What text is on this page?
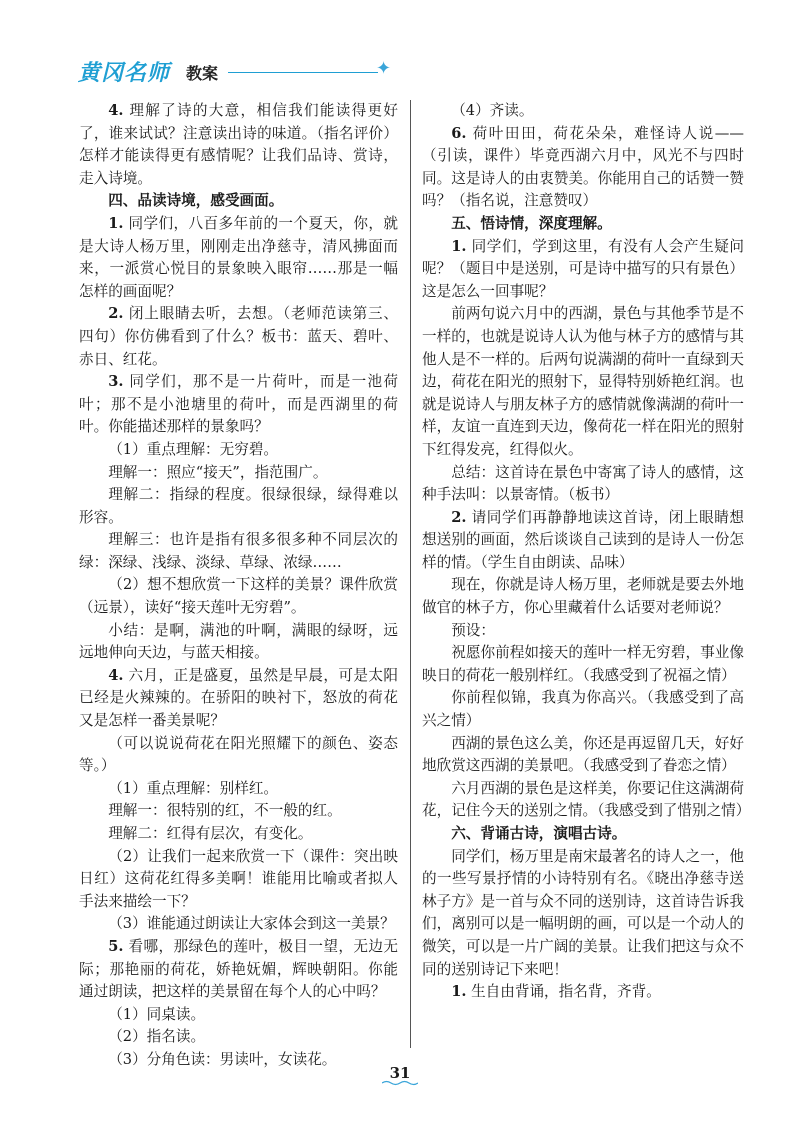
黄冈名师 教案	✦

4. 理解了诗的大意，相信我们能读得更好了，谁来试试？注意读出诗的味道。（指名评价）怎样才能读得更有感情呢？让我们品诗、赏诗，走入诗境。

四、品读诗境，感受画面。

1. 同学们，八百多年前的一个夏天，你，就是大诗人杨万里，刚刚走出净慈寺，清风拂面而来，一派赏心悦目的景象映入眼帘……那是一幅怎样的画面呢？

2. 闭上眼睛去听，去想。（老师范读第三、四句）你仿佛看到了什么？板书：蓝天、碧叶、赤日、红花。

3. 同学们，那不是一片荷叶，而是一池荷叶；那不是小池塘里的荷叶，而是西湖里的荷叶。你能描述那样的景象吗？

（1）重点理解：无穷碧。

理解一：照应“接天”，指范围广。

理解二：指绿的程度。很绿很绿，绿得难以形容。

理解三：也许是指有很多很多种不同层次的绿：深绿、浅绿、淡绿、草绿、浓绿……

（2）想不想欣赏一下这样的美景？课件欣赏（远景），读好“接天莲叶无穷碧”。

小结：是啊，满池的叶啊，满眼的绿呀，远远地伸向天边，与蓝天相接。

4. 六月，正是盛夏，虽然是早晨，可是太阳已经是火辣辣的。在骄阳的映衬下，怒放的荷花又是怎样一番美景呢？

（可以说说荷花在阳光照耀下的颜色、姿态等。）

（1）重点理解：别样红。

理解一：很特别的红，不一般的红。

理解二：红得有层次，有变化。

（2）让我们一起来欣赏一下（课件：突出映日红）这荷花红得多美啊！谁能用比喻或者拟人手法来描绘一下？

（3）谁能通过朗读让大家体会到这一美景？

5. 看哪，那绿色的莲叶，极目一望，无边无际；那艳丽的荷花，娇艳妩媚，辉映朝阳。你能通过朗读，把这样的美景留在每个人的心中吗？

（1）同桌读。

（2）指名读。

（3）分角色读：男读叶，女读花。

（4）齐读。

6. 荷叶田田，荷花朵朵，难怪诗人说——（引读，课件）毕竟西湖六月中，风光不与四时同。这是诗人的由衷赞美。你能用自己的话赞一赞吗？（指名说，注意赞叹）

五、悟诗情，深度理解。

1. 同学们，学到这里，有没有人会产生疑问呢？（题目中是送别，可是诗中描写的只有景色）这是怎么一回事呢？

前两句说六月中的西湖，景色与其他季节是不一样的，也就是说诗人认为他与林子方的感情与其他人是不一样的。后两句说满湖的荷叶一直绿到天边，荷花在阳光的照射下，显得特别娇艳红润。也就是说诗人与朋友林子方的感情就像满湖的荷叶一样，友谊一直连到天边，像荷花一样在阳光的照射下红得发亮，红得似火。

总结：这首诗在景色中寄寓了诗人的感情，这种手法叫：以景寄情。（板书）

2. 请同学们再静静地读这首诗，闭上眼睛想想送别的画面，然后谈谈自己读到的是诗人一份怎样的情。（学生自由朗读、品味）

现在，你就是诗人杨万里，老师就是要去外地做官的林子方，你心里藏着什么话要对老师说？

预设：

祝愿你前程如接天的莲叶一样无穷碧，事业像映日的荷花一般别样红。（我感受到了祝福之情）

你前程似锦，我真为你高兴。（我感受到了高兴之情）

西湖的景色这么美，你还是再逗留几天，好好地欣赏这西湖的美景吧。（我感受到了眷恋之情）

六月西湖的景色是这样美，你要记住这满湖荷花，记住今天的送别之情。（我感受到了惜别之情）

六、背诵古诗，演唱古诗。

同学们，杨万里是南宋最著名的诗人之一，他的一些写景抒情的小诗特别有名。《晓出净慈寺送林子方》是一首与众不同的送别诗，这首诗告诉我们，离别可以是一幅明朗的画，可以是一个动人的微笑，可以是一片广阔的美景。让我们把这与众不同的送别诗记下来吧！

1. 生自由背诵，指名背，齐背。

31
